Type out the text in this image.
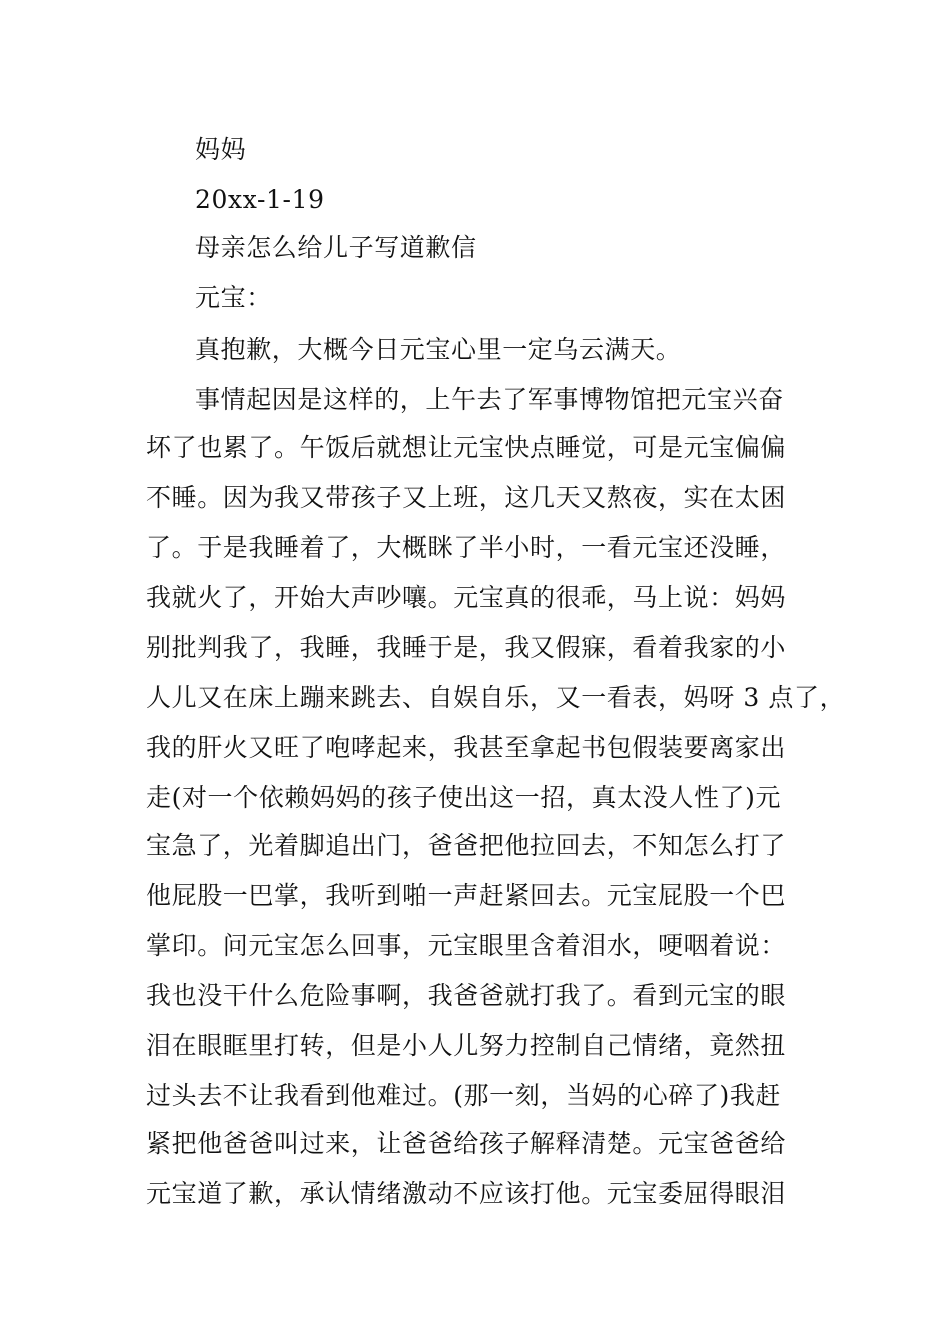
妈妈
20xx-1-19
母亲怎么给儿子写道歉信
元宝：
真抱歉，大概今日元宝心里一定乌云满天。
事情起因是这样的，上午去了军事博物馆把元宝兴奋
坏了也累了。午饭后就想让元宝快点睡觉，可是元宝偏偏
不睡。因为我又带孩子又上班，这几天又熬夜，实在太困
了。于是我睡着了，大概眯了半小时，一看元宝还没睡，
我就火了，开始大声吵嚷。元宝真的很乖，马上说：妈妈
别批判我了，我睡，我睡于是，我又假寐，看着我家的小
人儿又在床上蹦来跳去、自娱自乐，又一看表，妈呀 3 点了，
我的肝火又旺了咆哮起来，我甚至拿起书包假装要离家出
走(对一个依赖妈妈的孩子使出这一招，真太没人性了)元
宝急了，光着脚追出门，爸爸把他拉回去，不知怎么打了
他屁股一巴掌，我听到啪一声赶紧回去。元宝屁股一个巴
掌印。问元宝怎么回事，元宝眼里含着泪水，哽咽着说：
我也没干什么危险事啊，我爸爸就打我了。看到元宝的眼
泪在眼眶里打转，但是小人儿努力控制自己情绪，竟然扭
过头去不让我看到他难过。(那一刻，当妈的心碎了)我赶
紧把他爸爸叫过来，让爸爸给孩子解释清楚。元宝爸爸给
元宝道了歉，承认情绪激动不应该打他。元宝委屈得眼泪
